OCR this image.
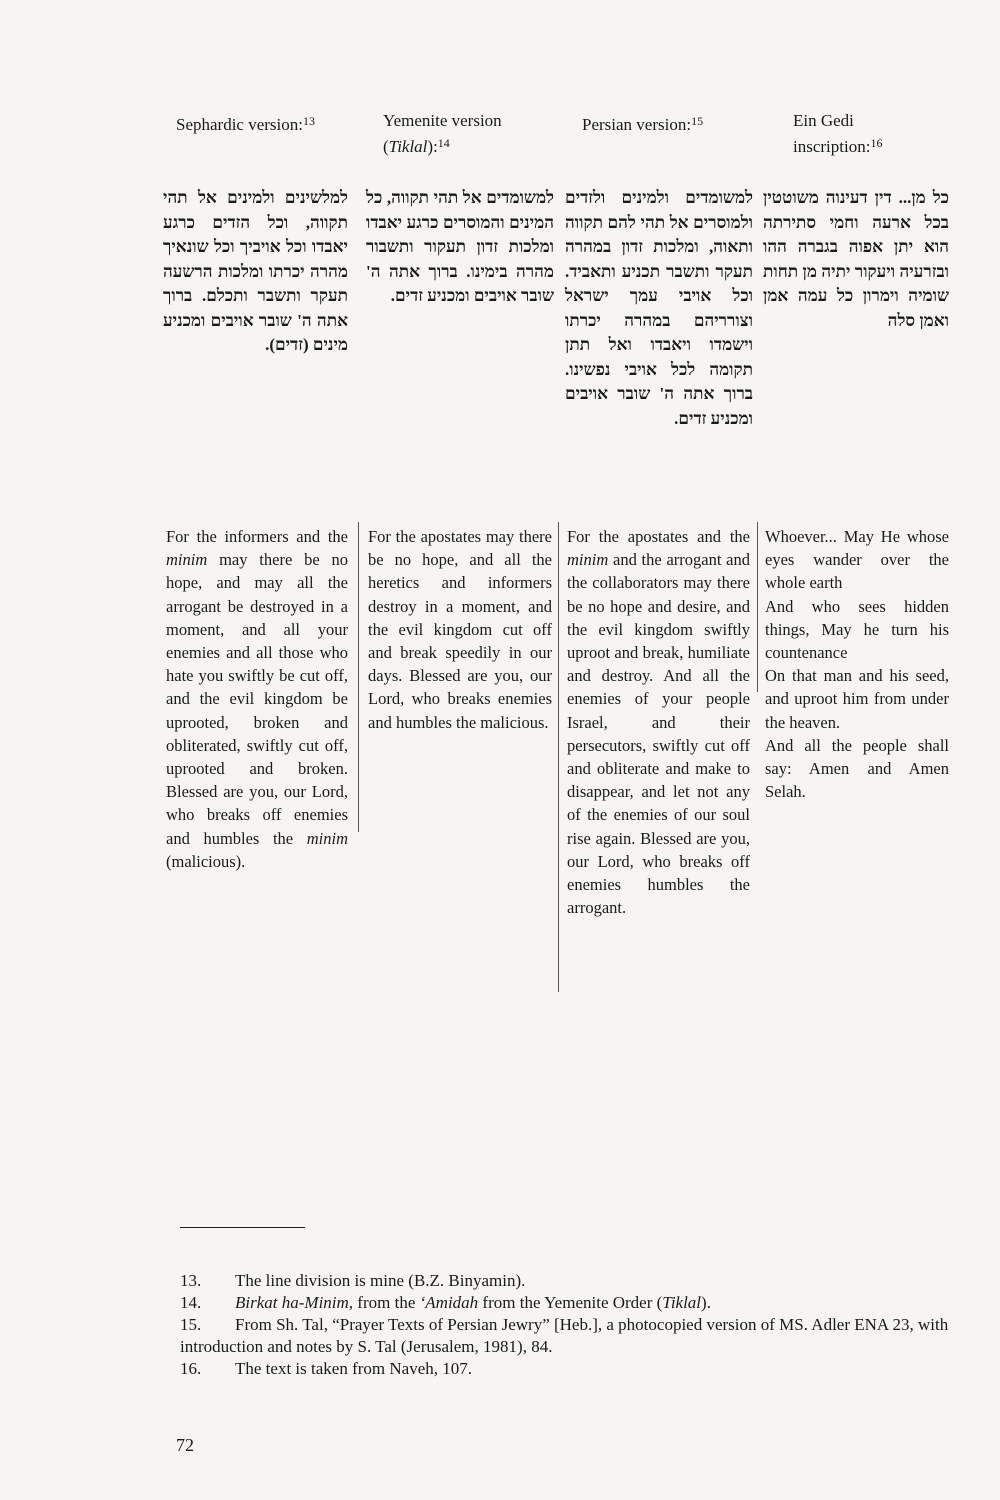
Sephardic version:$^{13}$	Yemenite version
(Tiklal):$^{14}$
Persian version:$^{15}$	Ein Gedi
inscription:$^{16}$
למלשינים ולמינים אל תהי תקווה, וכל הזדים כרגע יאבדו וכל אויביך וכל שונאיך מהרה יכרתו ומלכות הרשעה תעקר ותשבר ותכלם. ברוך אתה ה' שובר אויבים ומכניע מינים (זדים).
למשומדים אל תהי תקווה, כל המינים והמוסרים כרגע יאבדו ומלכות זדון תעקור ותשבור מהרה בימינו. ברוך אתה ה' שובר אויבים ומכניע זדים.
למשומדים ולמינים ולזדים ולמוסרים אל תהי להם תקווה ותאוה, ומלכות זדון במהרה תעקר ותשבר תכניע ותאביד. וכל אויבי עמך ישראל וצורריהם במהרה יכרתו וישמדו ויאבדו ואל תתן תקומה לכל אויבי נפשינו. ברוך אתה ה' שובר אויבים ומכניע זדים.
כל מן... דין דעינוה משוטטין בכל ארעה וחמי סתירתה הוא יתן אפוה בגברה ההו ובזרעיה ויעקור יתיה מן תחות שומיה וימרון כל עמה אמן ואמן סלה
For the informers and the minim may there be no hope, and may all the arrogant be destroyed in a moment, and all your enemies and all those who hate you swiftly be cut off, and the evil kingdom be uprooted, broken and obliterated, swiftly cut off, uprooted and broken. Blessed are you, our Lord, who breaks off enemies and humbles the minim (malicious).
For the apostates may there be no hope, and all the heretics and informers destroy in a moment, and the evil kingdom cut off and break speedily in our days. Blessed are you, our Lord, who breaks enemies and humbles the malicious.
For the apostates and the minim and the arrogant and the collaborators may there be no hope and desire, and the evil kingdom swiftly uproot and break, humiliate and destroy. And all the enemies of your people Israel, and their persecutors, swiftly cut off and obliterate and make to disappear, and let not any of the enemies of our soul rise again. Blessed are you, our Lord, who breaks off enemies humbles the arrogant.
Whoever... May He whose eyes wander over the whole earth
And who sees hidden things, May he turn his countenance
On that man and his seed, and uproot him from under the heaven.
And all the people shall say: Amen and Amen Selah.

13. The line division is mine (B.Z. Binyamin).

14. Birkat ha-Minim, from the ‘Amidah from the Yemenite Order (Tiklal).

15. From Sh. Tal, “Prayer Texts of Persian Jewry” [Heb.], a photocopied version of MS. Adler ENA 23, with introduction and notes by S. Tal (Jerusalem, 1981), 84.

16. The text is taken from Naveh, 107.

72
